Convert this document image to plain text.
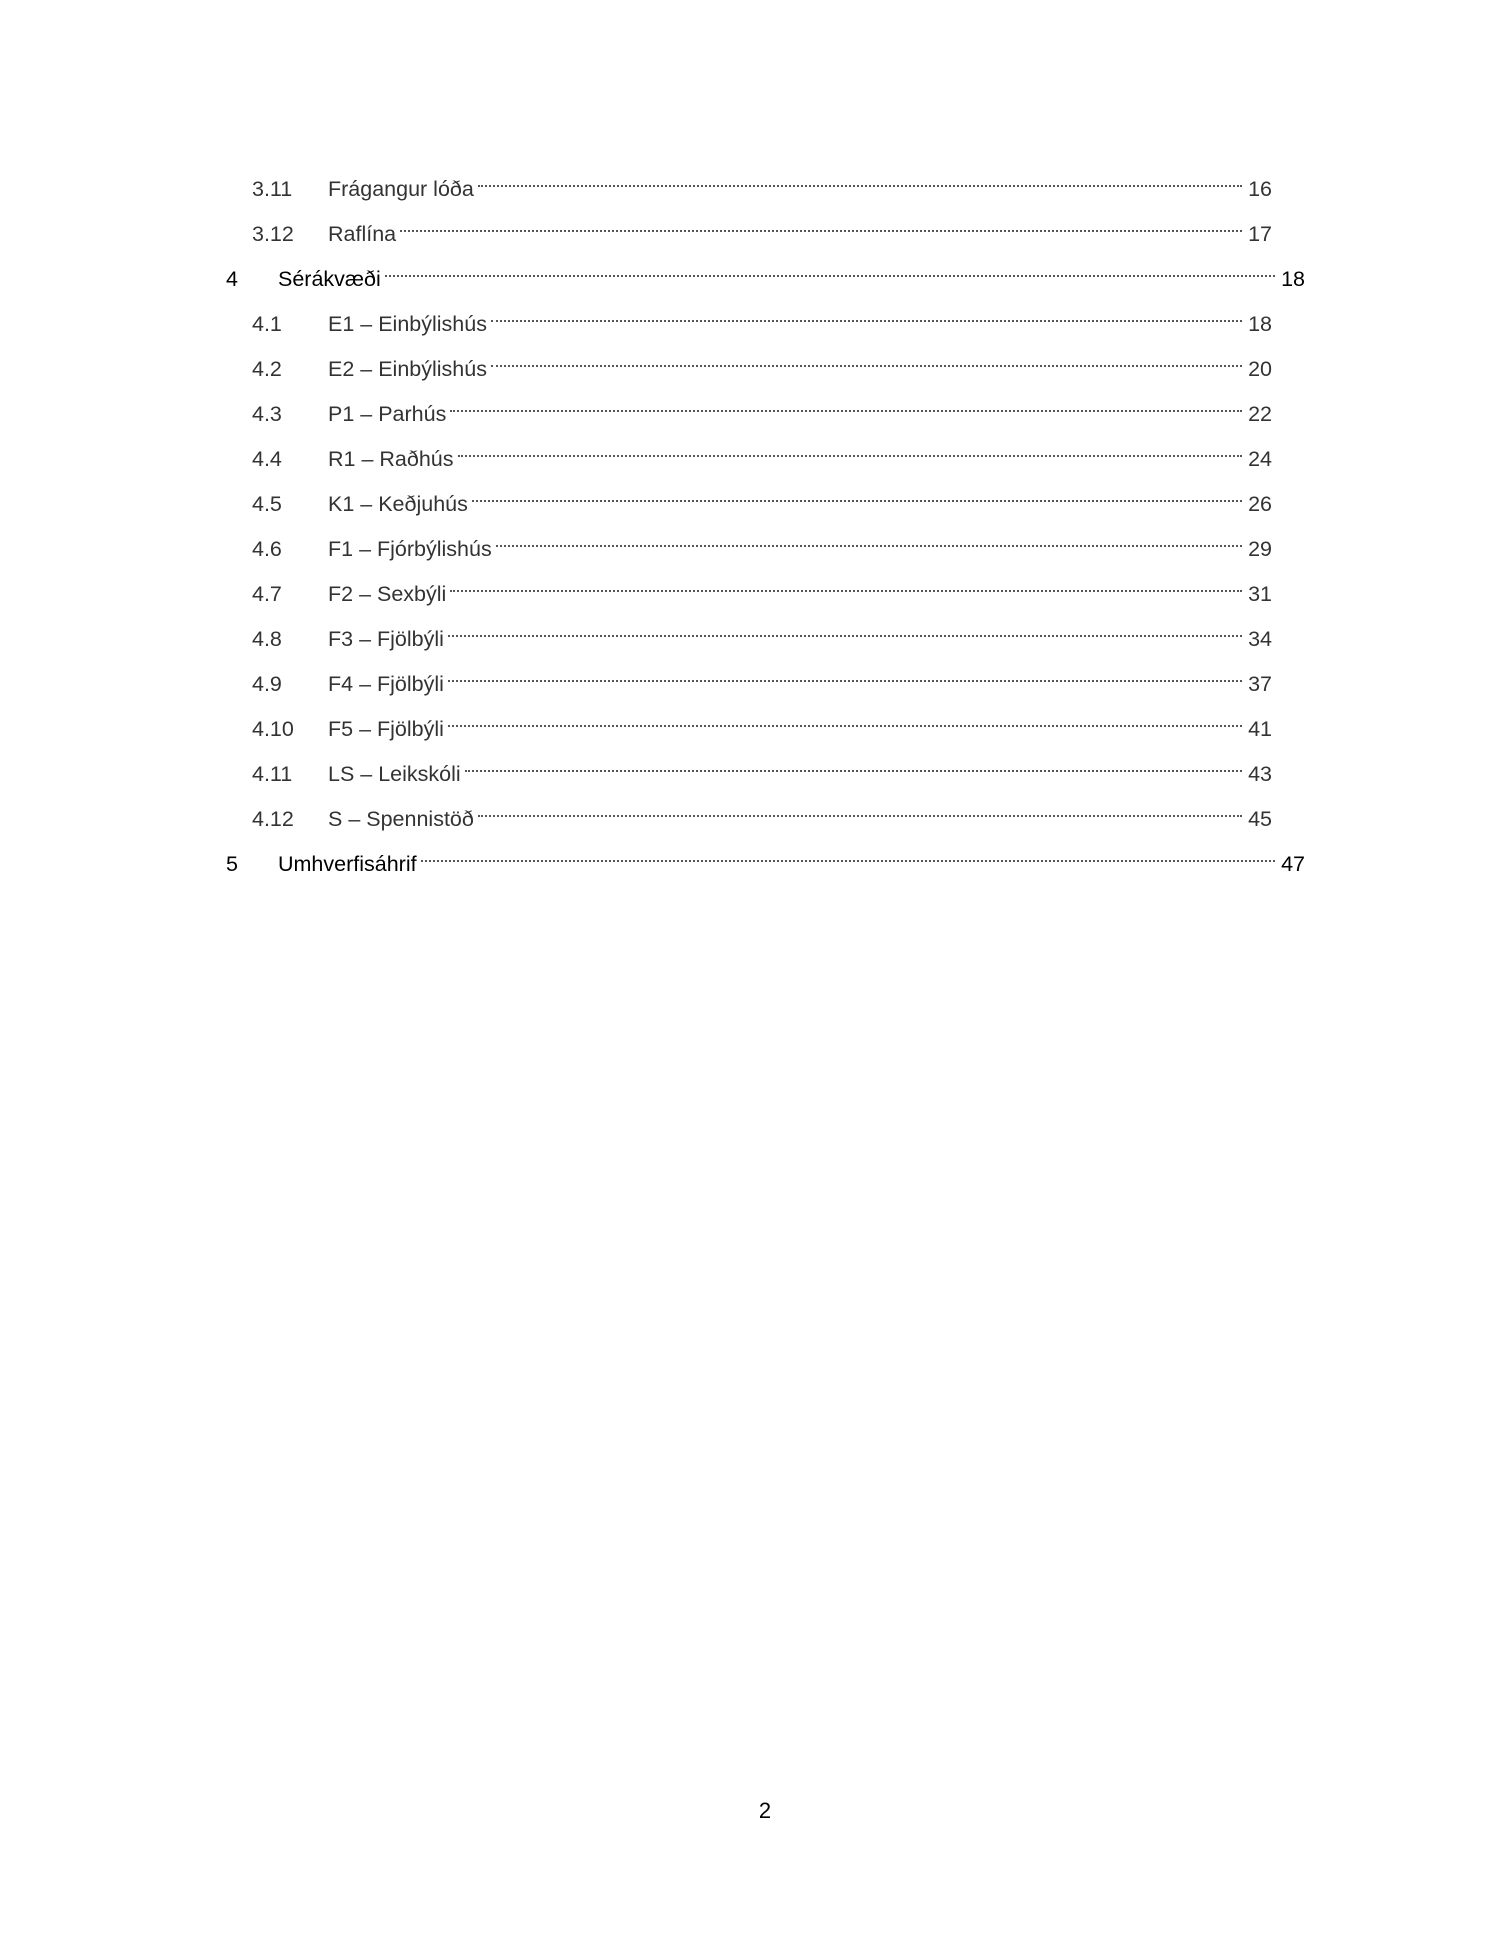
3.11	Frágangur lóða	16
3.12	Raflína	17
4	Sérákvæði	18
4.1	E1 – Einbýlishús	18
4.2	E2 – Einbýlishús	20
4.3	P1 – Parhús	22
4.4	R1 – Raðhús	24
4.5	K1 – Keðjuhús	26
4.6	F1 – Fjórbýlishús	29
4.7	F2 – Sexbýli	31
4.8	F3 – Fjölbýli	34
4.9	F4 – Fjölbýli	37
4.10	F5 – Fjölbýli	41
4.11	LS – Leikskóli	43
4.12	S – Spennistöð	45
5	Umhverfisáhrif	47
2
